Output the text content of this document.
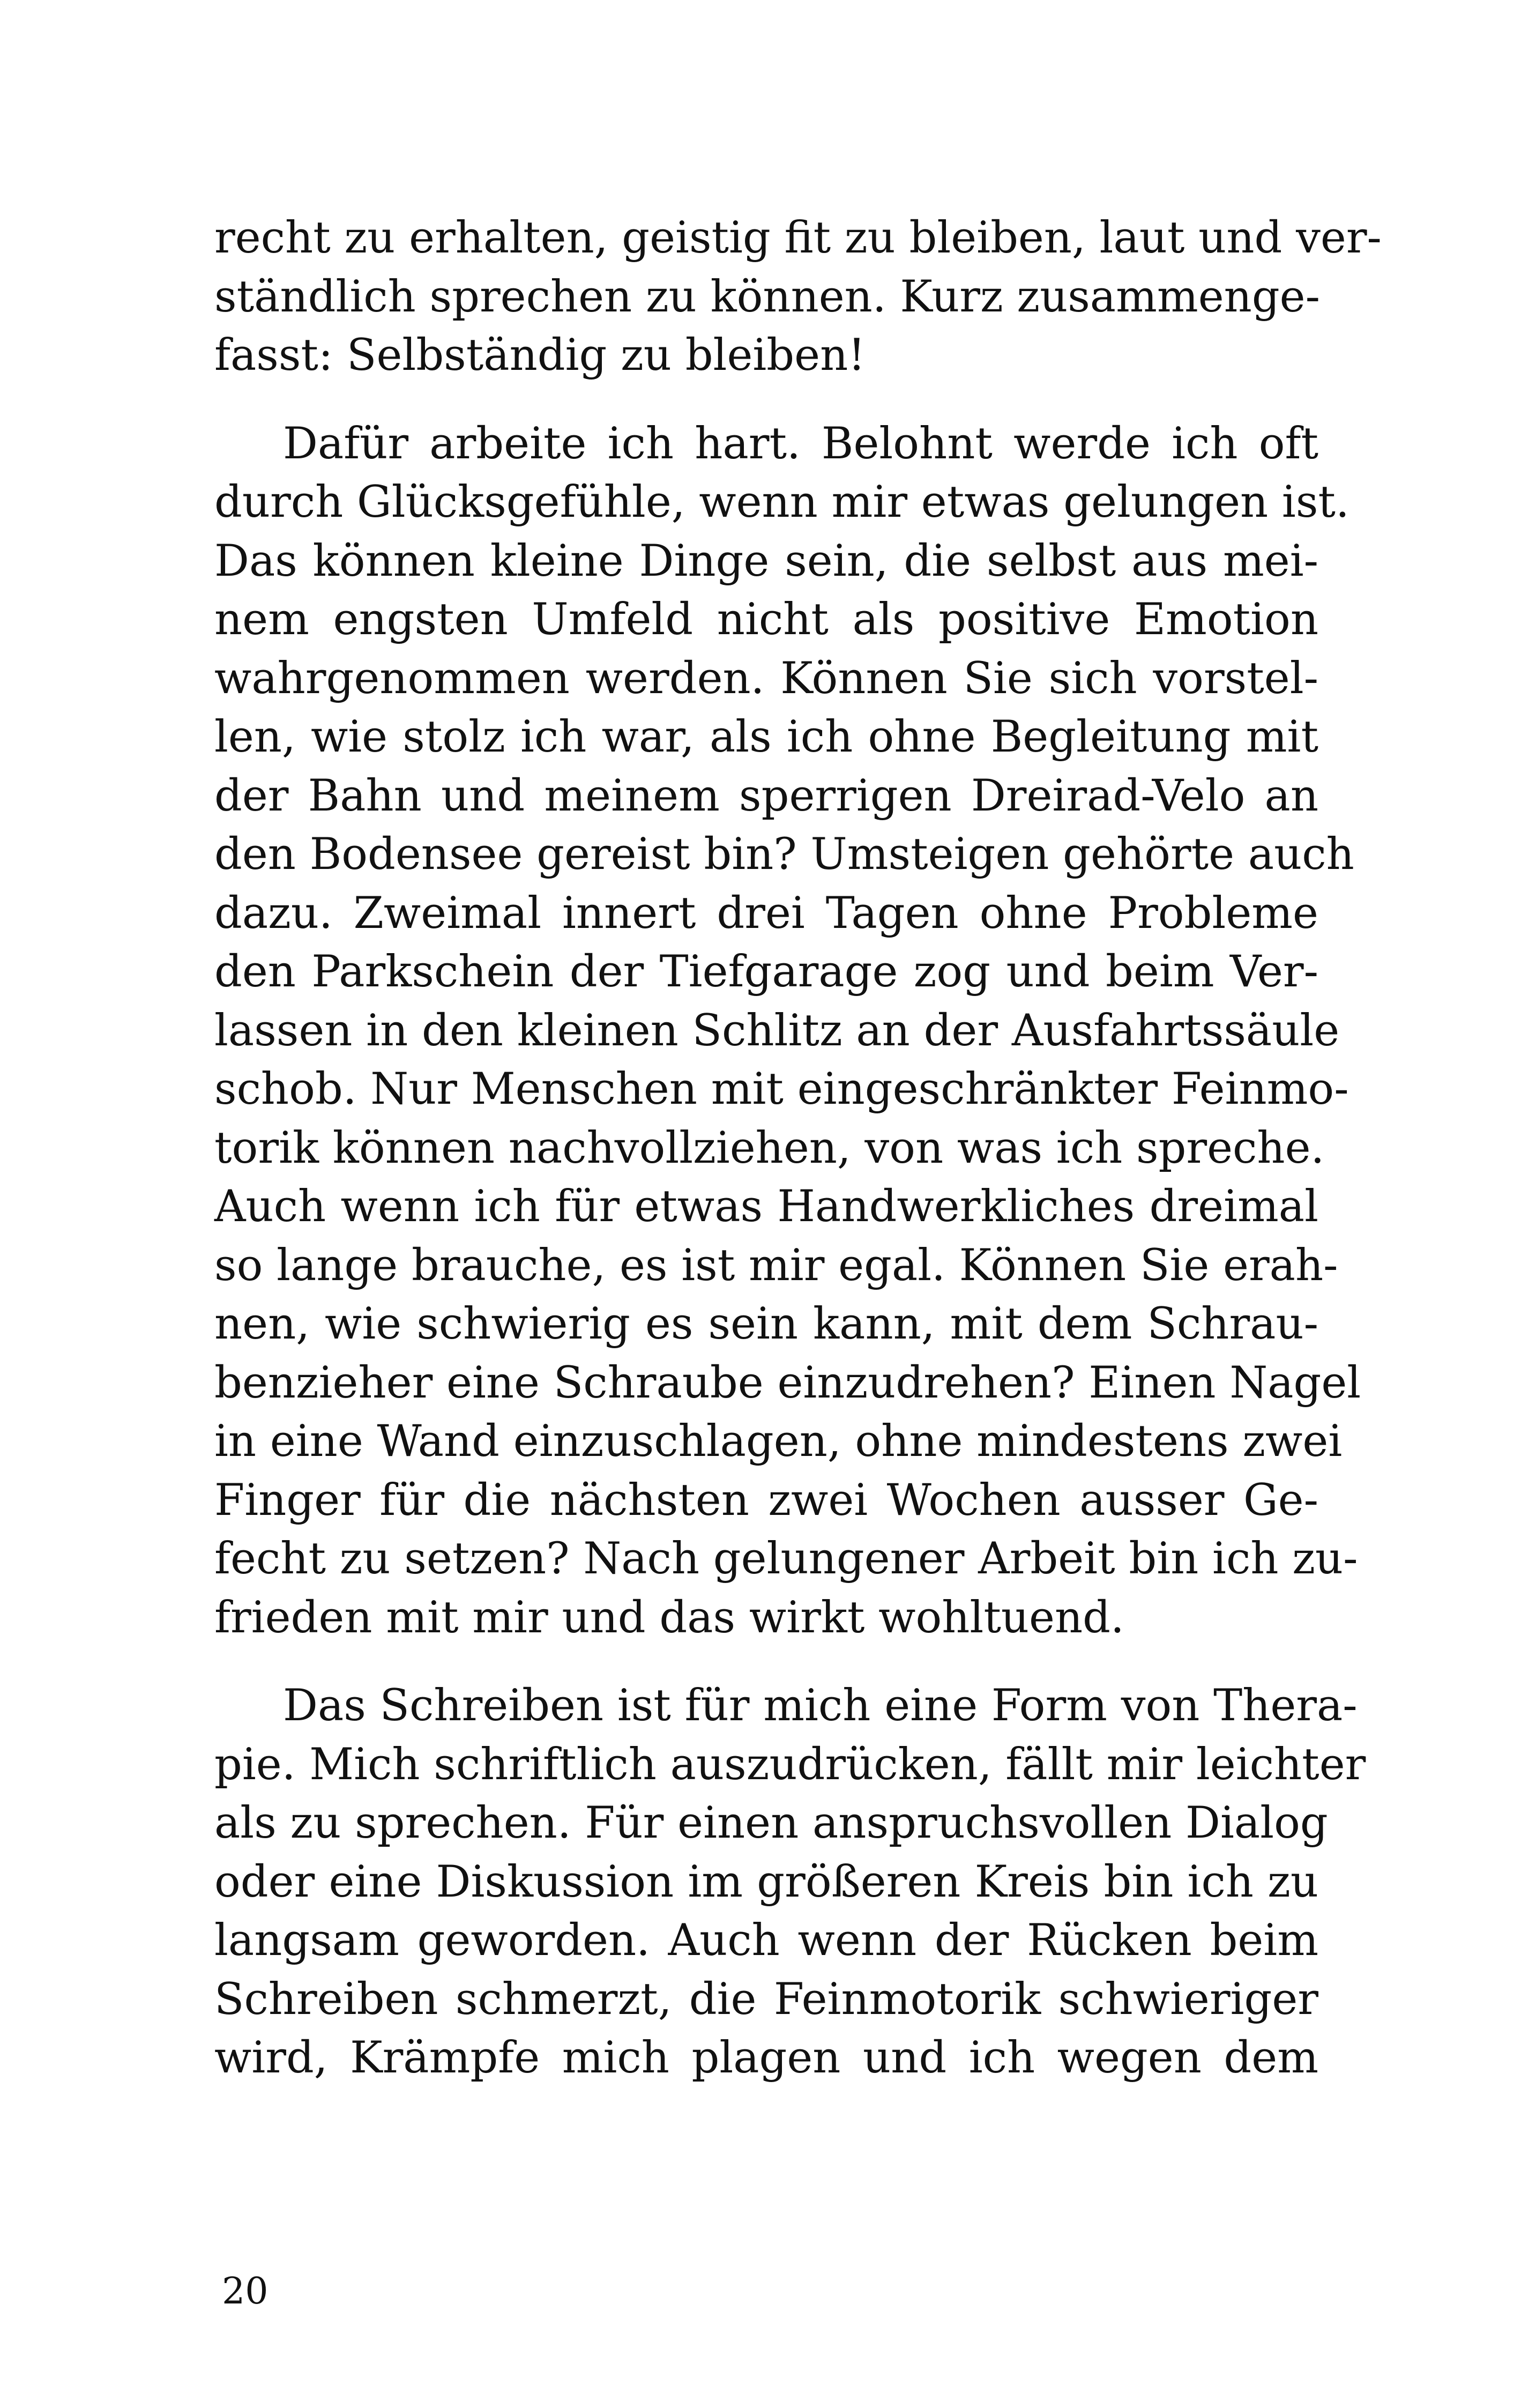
recht zu erhalten, geistig fit zu bleiben, laut und ver-
ständlich sprechen zu können. Kurz zusammenge-
fasst: Selbständig zu bleiben!

Dafür arbeite ich hart. Belohnt werde ich oft
durch Glücksgefühle, wenn mir etwas gelungen ist.
Das können kleine Dinge sein, die selbst aus mei-
nem engsten Umfeld nicht als positive Emotion
wahrgenommen werden. Können Sie sich vorstel-
len, wie stolz ich war, als ich ohne Begleitung mit
der Bahn und meinem sperrigen Dreirad-Velo an
den Bodensee gereist bin? Umsteigen gehörte auch
dazu. Zweimal innert drei Tagen ohne Probleme
den Parkschein der Tiefgarage zog und beim Ver-
lassen in den kleinen Schlitz an der Ausfahrtssäule
schob. Nur Menschen mit eingeschränkter Feinmo-
torik können nachvollziehen, von was ich spreche.
Auch wenn ich für etwas Handwerkliches dreimal
so lange brauche, es ist mir egal. Können Sie erah-
nen, wie schwierig es sein kann, mit dem Schrau-
benzieher eine Schraube einzudrehen? Einen Nagel
in eine Wand einzuschlagen, ohne mindestens zwei
Finger für die nächsten zwei Wochen ausser Ge-
fecht zu setzen? Nach gelungener Arbeit bin ich zu-
frieden mit mir und das wirkt wohltuend.

Das Schreiben ist für mich eine Form von Thera-
pie. Mich schriftlich auszudrücken, fällt mir leichter
als zu sprechen. Für einen anspruchsvollen Dialog
oder eine Diskussion im größeren Kreis bin ich zu
langsam geworden. Auch wenn der Rücken beim
Schreiben schmerzt, die Feinmotorik schwieriger
wird, Krämpfe mich plagen und ich wegen dem

20
